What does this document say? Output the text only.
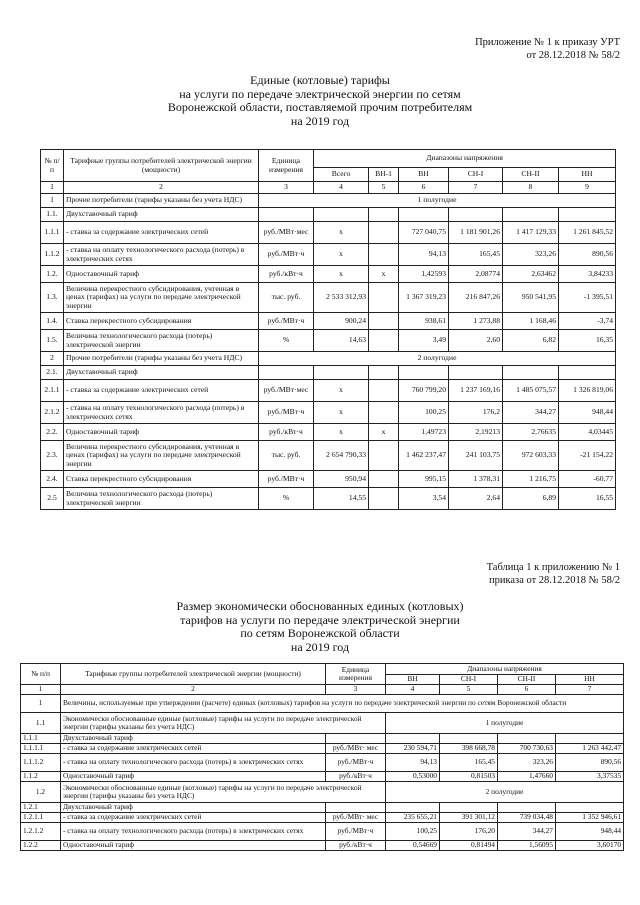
Приложение № 1 к приказу УРТ
от 28.12.2018 № 58/2
Единые (котловые) тарифы
на услуги по передаче электрической энергии по сетям
Воронежской области, поставляемой прочим потребителям
на 2019 год
№ п/п	Тарифные группы потребителей электрической энергии (мощности)	Единица измерения	Диапазоны напряжения					
			Всего	ВН-1	ВН	СН-I	СН-II	НН
1	2	3	4	5	6	7	8	9
1	Прочие потребители (тарифы указаны без учета НДС)	1 полугодие						
1.1.	Двухставочный тариф							
1.1.1	- ставка за содержание электрических сетей	руб./МВт·мес	x		727 040,75	1 181 901,26	1 417 129,33	1 261 845,52
1.1.2	- ставка на оплату технологического расхода (потерь) в электрических сетях	руб./МВт·ч	x		94,13	165,45	323,26	890,56
1.2.	Одноставочный тариф	руб./кВт·ч	x	x	1,42593	2,08774	2,63462	3,84233
1.3.	Величина перекрестного субсидирования, учтенная в ценах (тарифах) на услуги по передаче электрической энергии	тыс. руб.	2 533 312,93		1 367 319,23	216 847,26	950 541,95	-1 395,51
1.4.	Ставка перекрестного субсидирования	руб./МВт·ч	900,24		938,61	1 273,88	1 168,46	-3,74
1.5.	Величина технологического расхода (потерь) электрической энергии	%	14,63		3,49	2,60	6,82	16,35
2	Прочие потребители (тарифы указаны без учета НДС)	2 полугодие						
2.1.	Двухставочный тариф							
2.1.1	- ставка за содержание электрических сетей	руб./МВт·мес	x		760 799,20	1 237 169,16	1 485 075,57	1 326 819,06
2.1.2	- ставка на оплату технологического расхода (потерь) в электрических сетях	руб./МВт·ч	x		100,25	176,2	344,27	948,44
2.2.	Одноставочный тариф	руб./кВт·ч	x	x	1,49723	2,19213	2,76635	4,03445
2.3.	Величина перекрестного субсидирования, учтенная в ценах (тарифах) на услуги по передаче электрической энергии	тыс. руб.	2 654 790,33		1 462 237,47	241 103,75	972 603,33	-21 154,22
2.4.	Ставка перекрестного субсидирования	руб./МВт·ч	950,94		995,15	1 378,31	1 216,75	-60,77
2.5	Величина технологического расхода (потерь) электрической энергии	%	14,55		3,54	2,64	6,89	16,55
Таблица 1 к приложению № 1
приказа от 28.12.2018 № 58/2
Размер экономически обоснованных единых (котловых)
тарифов на услуги по передаче электрической энергии
по сетям Воронежской области
на 2019 год
№ п/п	Тарифные группы потребителей электрической энергии (мощности)	Единица измерения	Диапазоны напряжения			
			ВН	СН-I	СН-II	НН
1	2	3	4	5	6	7
1	Величины, используемые при утверждении (расчете) единых (котловых) тарифов на услуги по передаче электрической энергии по сетям Воронежской области					
1.1	Экономически обоснованные единые (котловые) тарифы на услуги по передаче электрической энергии (тарифы указаны без учета НДС)		1 полугодие			
1.1.1	Двухставочный тариф					
1.1.1.1	- ставка за содержание электрических сетей	руб./МВт· мес	230 594,71	398 668,78	700 730,63	1 263 442,47
1.1.1.2	- ставка на оплату технологического расхода (потерь) в электрических сетях	руб./МВт·ч	94,13	165,45	323,26	890,56
1.1.2	Одноставочный тариф	руб./кВт·ч	0,53000	0,81503	1,47660	3,37535
1.2	Экономически обоснованные единые (котловые) тарифы на услуги по передаче электрической энергии (тарифы указаны без учета НДС)		2 полугодие			
1.2.1	Двухставочный тариф					
1.2.1.1	- ставка за содержание электрических сетей	руб./МВт· мес	235 655,21	391 301,12	739 034,48	1 352 946,61
1.2.1.2	- ставка на оплату технологического расхода (потерь) в электрических сетях	руб./МВт·ч	100,25	176,20	344,27	948,44
1.2.2	Одноставочный тариф	руб./кВт·ч	0,54669	0,81494	1,56095	3,60170
